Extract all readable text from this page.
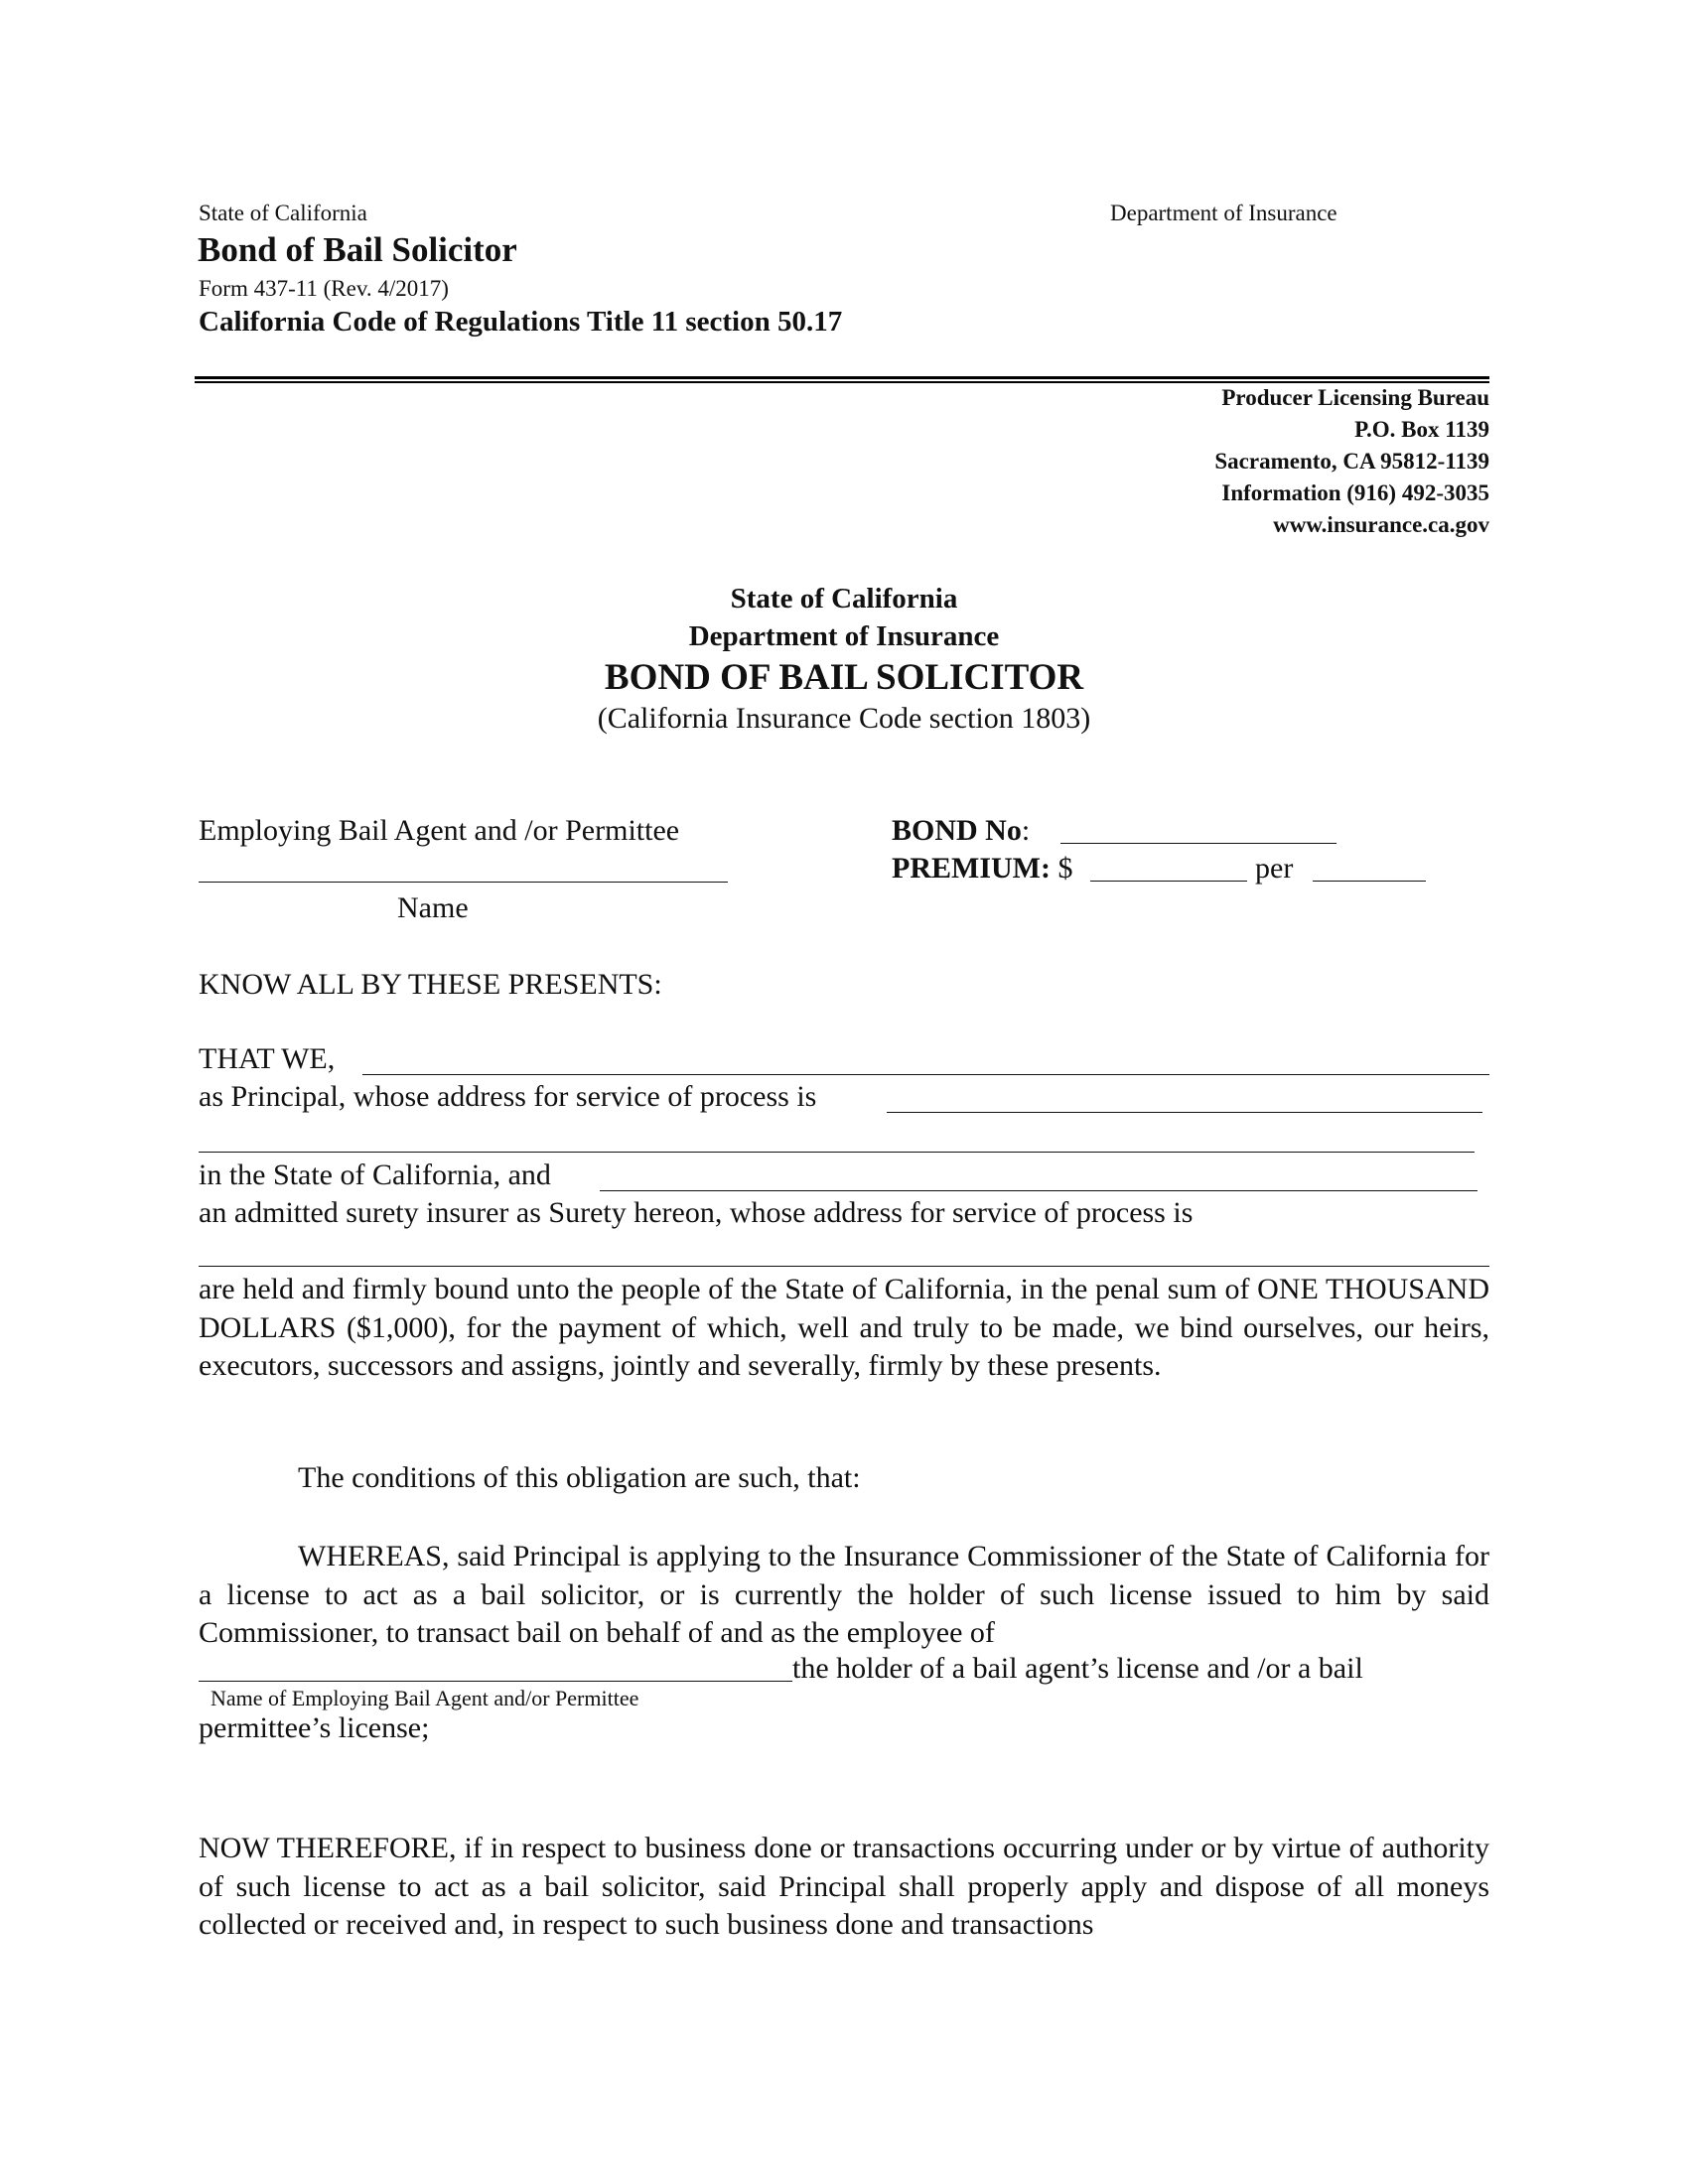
State of California	Department of Insurance
Bond of Bail Solicitor
Form 437-11 (Rev. 4/2017)
California Code of Regulations Title 11 section 50.17
Producer Licensing Bureau
P.O. Box 1139
Sacramento, CA 95812-1139
Information (916) 492-3035
www.insurance.ca.gov
State of California
Department of Insurance
BOND OF BAIL SOLICITOR
(California Insurance Code section 1803)
Employing Bail Agent and /or Permittee
Name
BOND No:
PREMIUM: $	per
KNOW ALL BY THESE PRESENTS:
THAT WE,
as Principal, whose address for service of process is
in the State of California, and
an admitted surety insurer as Surety hereon, whose address for service of process is
are held and firmly bound unto the people of the State of California, in the penal sum of ONE THOUSAND DOLLARS ($1,000), for the payment of which, well and truly to be made, we bind ourselves, our heirs, executors, successors and assigns, jointly and severally, firmly by these presents.
The conditions of this obligation are such, that:
WHEREAS, said Principal is applying to the Insurance Commissioner of the State of California for a license to act as a bail solicitor, or is currently the holder of such license issued to him by said Commissioner, to transact bail on behalf of and as the employee of
the holder of a bail agent’s license and /or a bail
Name of Employing Bail Agent and/or Permittee
permittee’s license;
NOW THEREFORE, if in respect to business done or transactions occurring under or by virtue of authority of such license to act as a bail solicitor, said Principal shall properly apply and dispose of all moneys collected or received and, in respect to such business done and transactions
